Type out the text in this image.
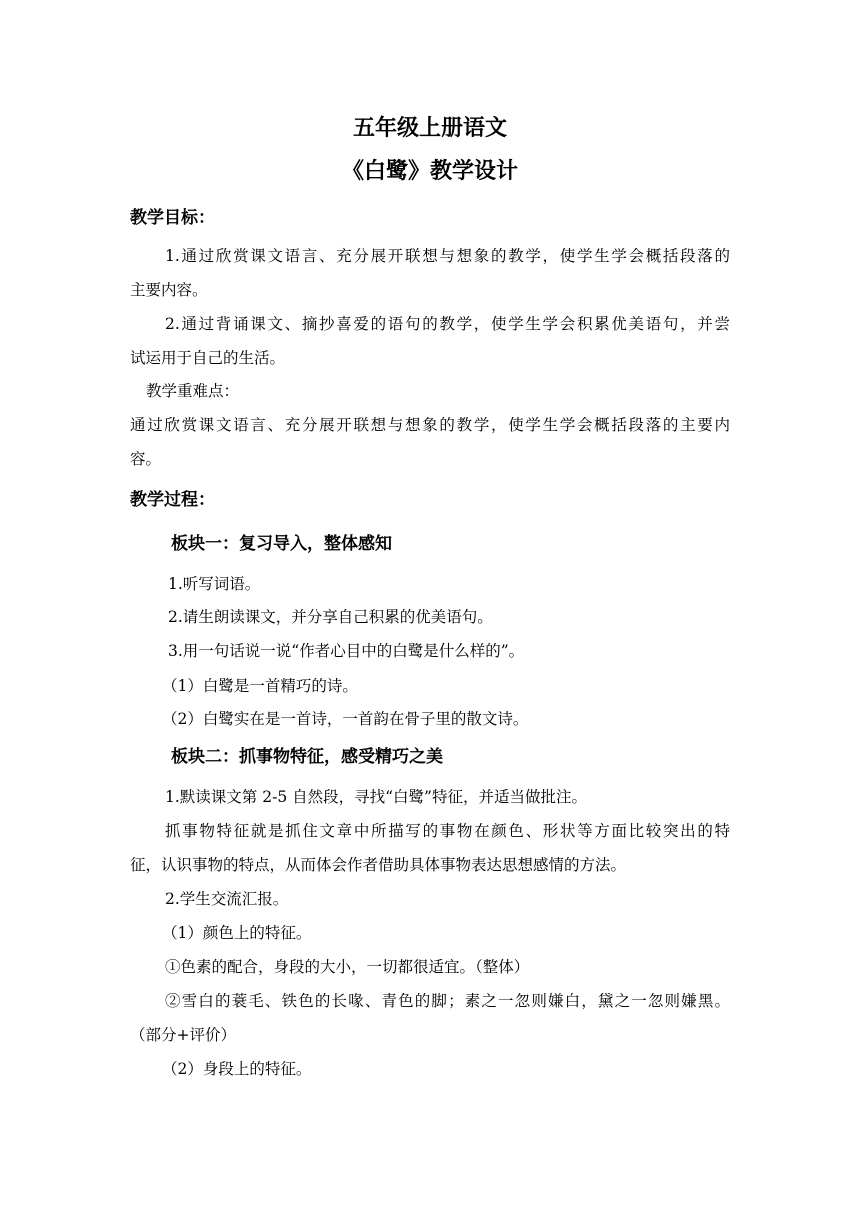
五年级上册语文
《白鹭》教学设计
教学目标：
1.通过欣赏课文语言、充分展开联想与想象的教学，使学生学会概括段落的
主要内容。
2.通过背诵课文、摘抄喜爱的语句的教学，使学生学会积累优美语句，并尝
试运用于自己的生活。
教学重难点：
通过欣赏课文语言、充分展开联想与想象的教学，使学生学会概括段落的主要内
容。
教学过程：
板块一：复习导入，整体感知
1.听写词语。
2.请生朗读课文，并分享自己积累的优美语句。
3.用一句话说一说“作者心目中的白鹭是什么样的”。
（1）白鹭是一首精巧的诗。
（2）白鹭实在是一首诗，一首韵在骨子里的散文诗。
板块二：抓事物特征，感受精巧之美
1.默读课文第 2-5 自然段，寻找“白鹭”特征，并适当做批注。
抓事物特征就是抓住文章中所描写的事物在颜色、形状等方面比较突出的特
征，认识事物的特点，从而体会作者借助具体事物表达思想感情的方法。
2.学生交流汇报。
（1）颜色上的特征。
①色素的配合，身段的大小，一切都很适宜。（整体）
②雪白的蓑毛、铁色的长喙、青色的脚；素之一忽则嫌白，黛之一忽则嫌黑。
（部分+评价）
（2）身段上的特征。
